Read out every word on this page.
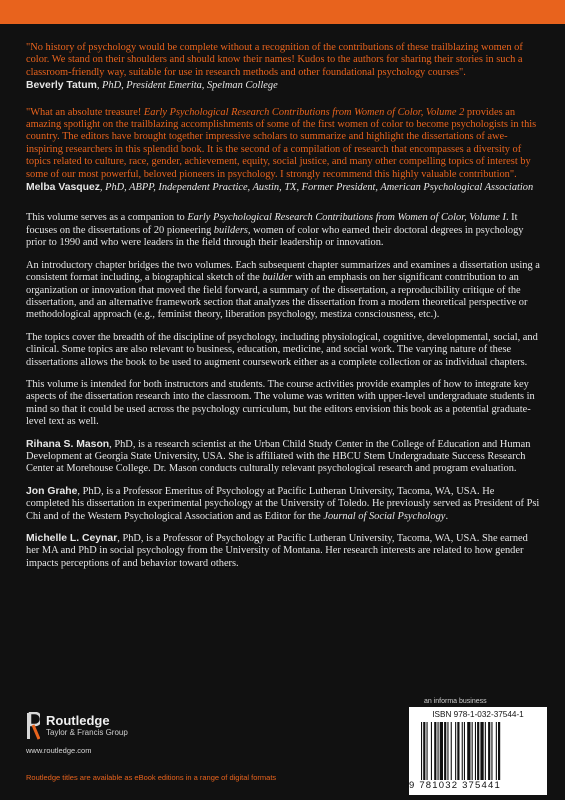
"No history of psychology would be complete without a recognition of the contributions of these trailblazing women of color. We stand on their shoulders and should know their names! Kudos to the authors for sharing their stories in such a classroom-friendly way, suitable for use in research methods and other foundational psychology courses".

Beverly Tatum, PhD, President Emerita, Spelman College

"What an absolute treasure! Early Psychological Research Contributions from Women of Color, Volume 2 provides an amazing spotlight on the trailblazing accomplishments of some of the first women of color to become psychologists in this country. The editors have brought together impressive scholars to summarize and highlight the dissertations of awe-inspiring researchers in this splendid book. It is the second of a compilation of research that encompasses a diversity of topics related to culture, race, gender, achievement, equity, social justice, and many other compelling topics of interest by some of our most powerful, beloved pioneers in psychology. I strongly recommend this highly valuable contribution".

Melba Vasquez, PhD, ABPP, Independent Practice, Austin, TX, Former President, American Psychological Association

This volume serves as a companion to Early Psychological Research Contributions from Women of Color, Volume I. It focuses on the dissertations of 20 pioneering builders, women of color who earned their doctoral degrees in psychology prior to 1990 and who were leaders in the field through their leadership or innovation.

An introductory chapter bridges the two volumes. Each subsequent chapter summarizes and examines a dissertation using a consistent format including, a biographical sketch of the builder with an emphasis on her significant contribution to an organization or innovation that moved the field forward, a summary of the dissertation, a reproducibility critique of the dissertation, and an alternative framework section that analyzes the dissertation from a modern theoretical perspective or methodological approach (e.g., feminist theory, liberation psychology, mestiza consciousness, etc.).

The topics cover the breadth of the discipline of psychology, including physiological, cognitive, developmental, social, and clinical. Some topics are also relevant to business, education, medicine, and social work. The varying nature of these dissertations allows the book to be used to augment coursework either as a complete collection or as individual chapters.

This volume is intended for both instructors and students. The course activities provide examples of how to integrate key aspects of the dissertation research into the classroom. The volume was written with upper-level undergraduate students in mind so that it could be used across the psychology curriculum, but the editors envision this book as a potential graduate-level text as well.

Rihana S. Mason, PhD, is a research scientist at the Urban Child Study Center in the College of Education and Human Development at Georgia State University, USA. She is affiliated with the HBCU Stem Undergraduate Success Research Center at Morehouse College. Dr. Mason conducts culturally relevant psychological research and program evaluation.

Jon Grahe, PhD, is a Professor Emeritus of Psychology at Pacific Lutheran University, Tacoma, WA, USA. He completed his dissertation in experimental psychology at the University of Toledo. He previously served as President of Psi Chi and of the Western Psychological Association and as Editor for the Journal of Social Psychology.

Michelle L. Ceynar, PhD, is a Professor of Psychology at Pacific Lutheran University, Tacoma, WA, USA. She earned her MA and PhD in social psychology from the University of Montana. Her research interests are related to how gender impacts perceptions of and behavior toward others.

Routledge
Taylor & Francis Group
www.routledge.com
Routledge titles are available as eBook editions in a range of digital formats
an informa business
ISBN 978-1-032-37544-1
9 781032 375441
